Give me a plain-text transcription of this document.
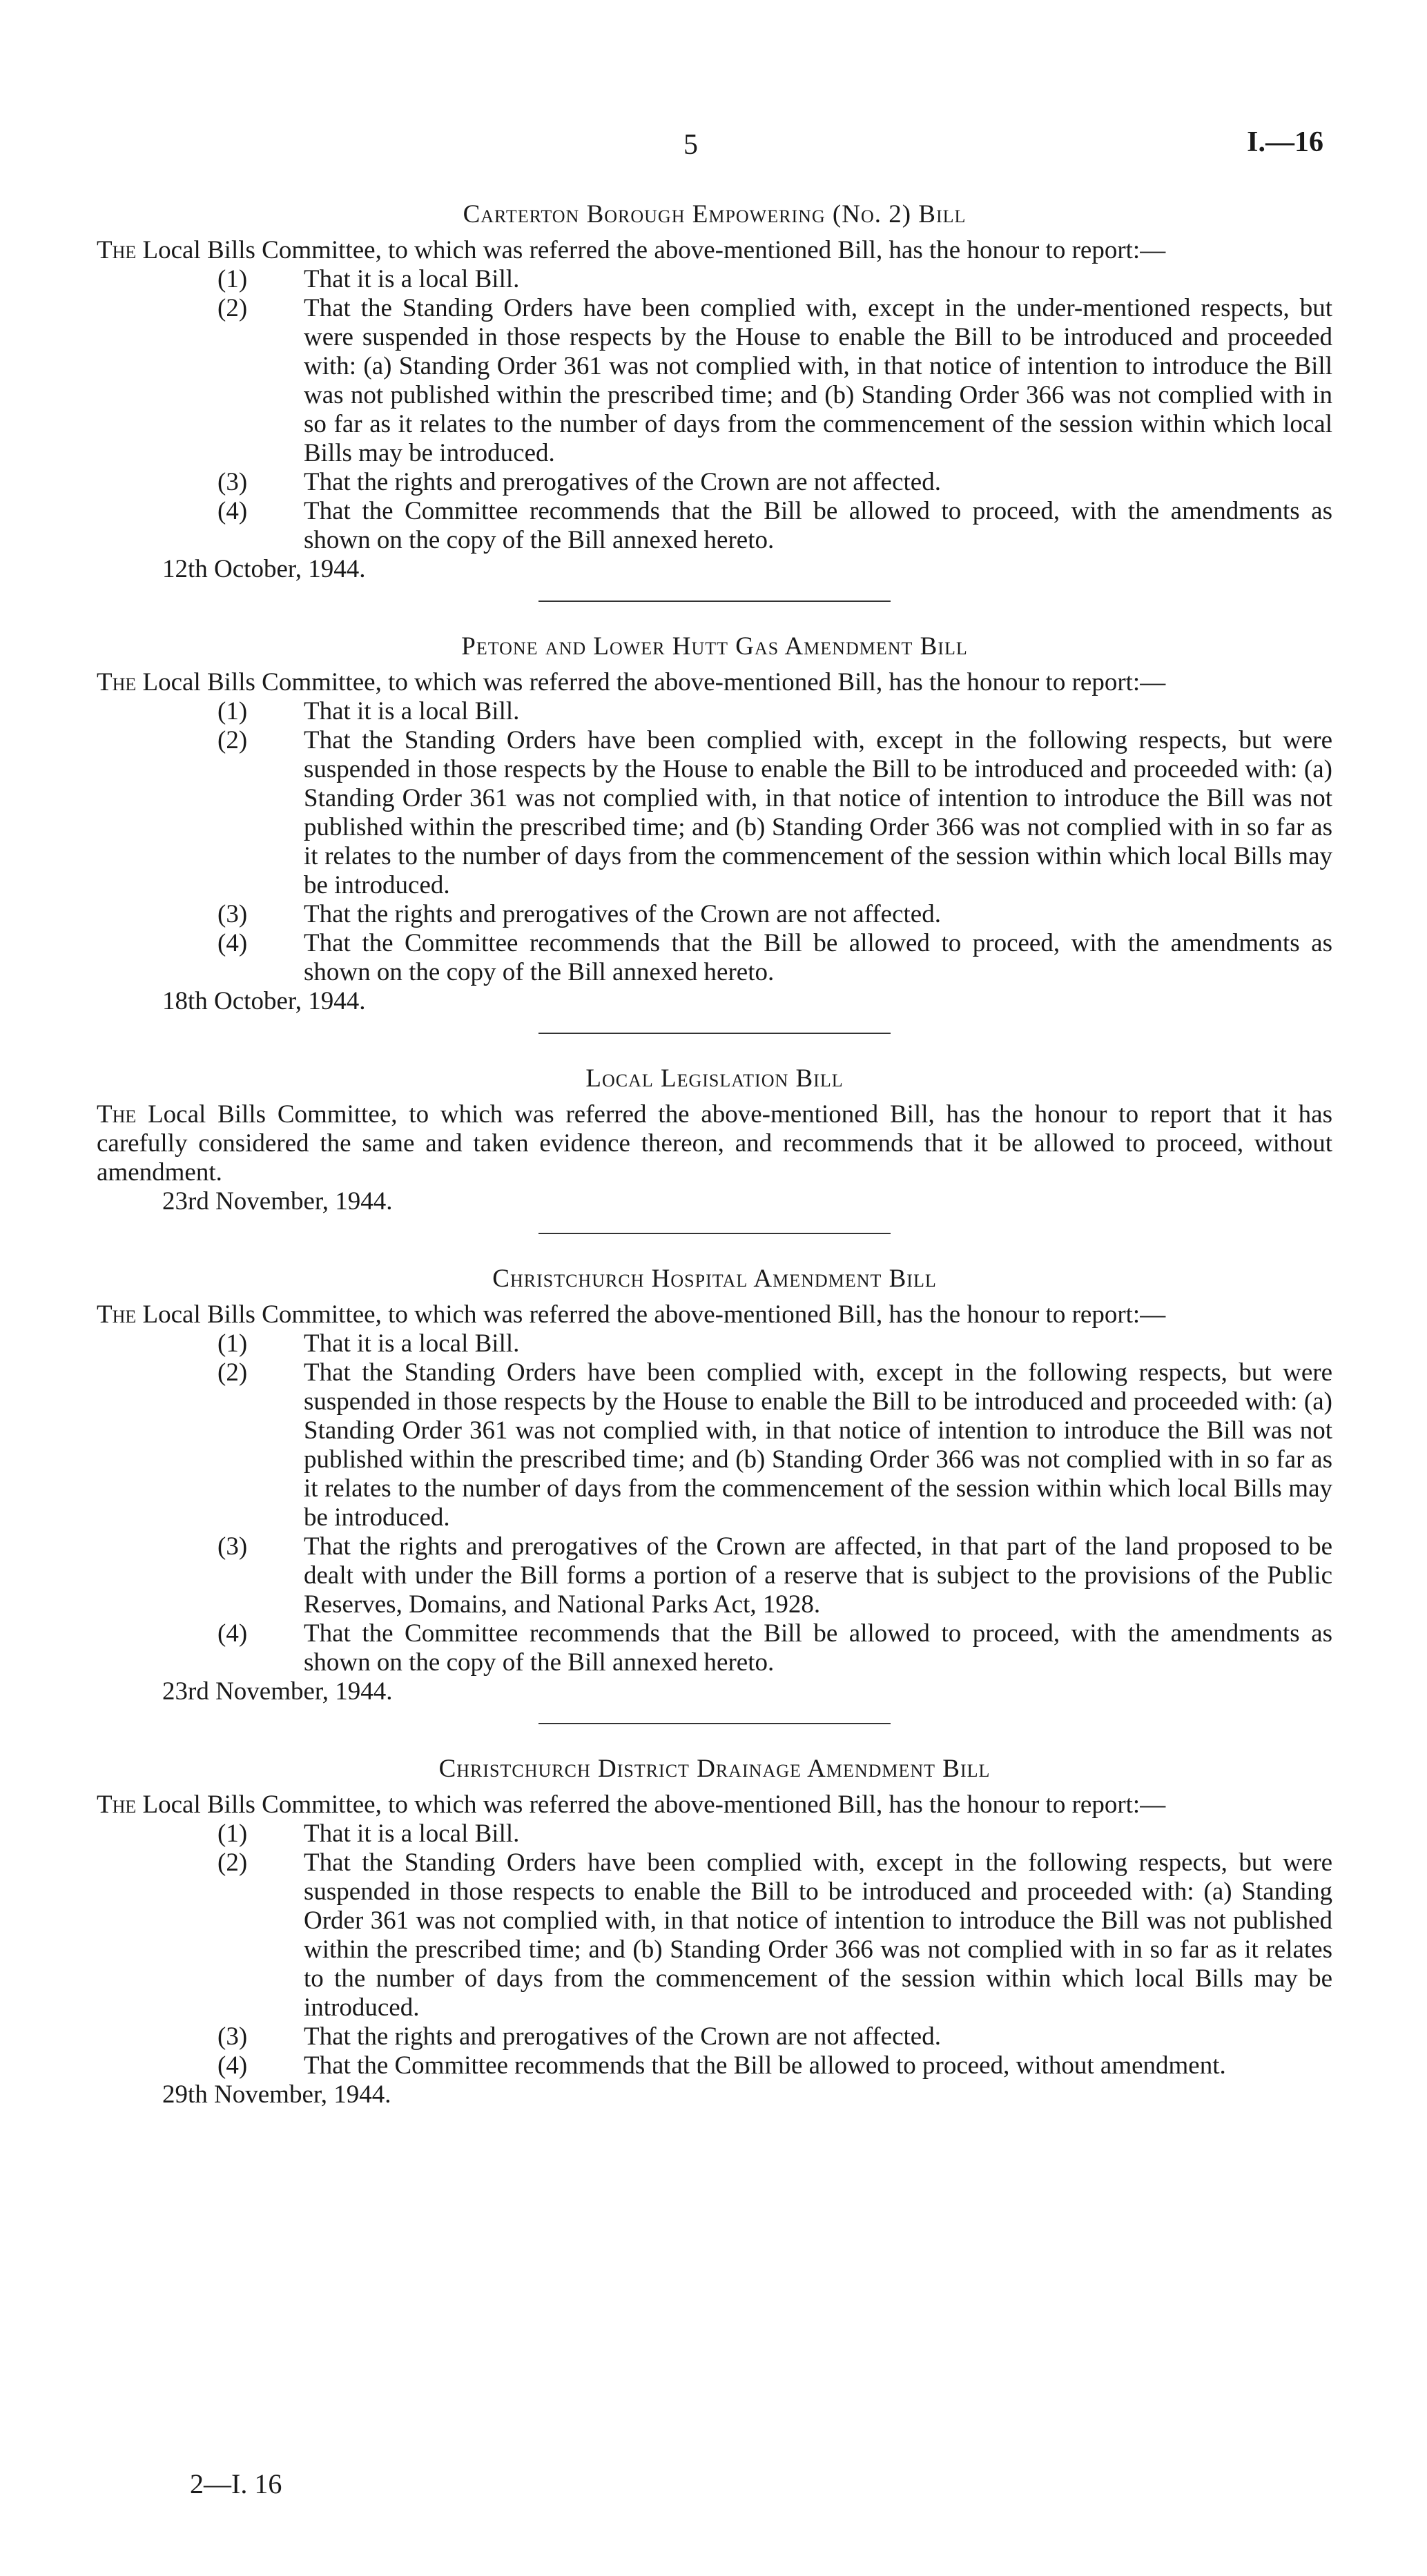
5	I.—16

Carterton Borough Empowering (No. 2) Bill

The Local Bills Committee, to which was referred the above-mentioned Bill, has the honour to report:—

(1)	That it is a local Bill.
(2)	That the Standing Orders have been complied with, except in the under-mentioned respects, but were suspended in those respects by the House to enable the Bill to be introduced and proceeded with: (a) Standing Order 361 was not complied with, in that notice of intention to introduce the Bill was not published within the prescribed time; and (b) Standing Order 366 was not complied with in so far as it relates to the number of days from the commencement of the session within which local Bills may be introduced.
(3)	That the rights and prerogatives of the Crown are not affected.
(4)	That the Committee recommends that the Bill be allowed to proceed, with the amendments as shown on the copy of the Bill annexed hereto.

12th October, 1944.

Petone and Lower Hutt Gas Amendment Bill

The Local Bills Committee, to which was referred the above-mentioned Bill, has the honour to report:—

(1)	That it is a local Bill.
(2)	That the Standing Orders have been complied with, except in the following respects, but were suspended in those respects by the House to enable the Bill to be introduced and proceeded with: (a) Standing Order 361 was not complied with, in that notice of intention to introduce the Bill was not published within the prescribed time; and (b) Standing Order 366 was not complied with in so far as it relates to the number of days from the commencement of the session within which local Bills may be introduced.
(3)	That the rights and prerogatives of the Crown are not affected.
(4)	That the Committee recommends that the Bill be allowed to proceed, with the amendments as shown on the copy of the Bill annexed hereto.

18th October, 1944.

Local Legislation Bill

The Local Bills Committee, to which was referred the above-mentioned Bill, has the honour to report that it has carefully considered the same and taken evidence thereon, and recommends that it be allowed to proceed, without amendment.

23rd November, 1944.

Christchurch Hospital Amendment Bill

The Local Bills Committee, to which was referred the above-mentioned Bill, has the honour to report:—

(1)	That it is a local Bill.
(2)	That the Standing Orders have been complied with, except in the following respects, but were suspended in those respects by the House to enable the Bill to be introduced and proceeded with: (a) Standing Order 361 was not complied with, in that notice of intention to introduce the Bill was not published within the prescribed time; and (b) Standing Order 366 was not complied with in so far as it relates to the number of days from the commencement of the session within which local Bills may be introduced.
(3)	That the rights and prerogatives of the Crown are affected, in that part of the land proposed to be dealt with under the Bill forms a portion of a reserve that is subject to the provisions of the Public Reserves, Domains, and National Parks Act, 1928.
(4)	That the Committee recommends that the Bill be allowed to proceed, with the amendments as shown on the copy of the Bill annexed hereto.

23rd November, 1944.

Christchurch District Drainage Amendment Bill

The Local Bills Committee, to which was referred the above-mentioned Bill, has the honour to report:—

(1)	That it is a local Bill.
(2)	That the Standing Orders have been complied with, except in the following respects, but were suspended in those respects to enable the Bill to be introduced and proceeded with: (a) Standing Order 361 was not complied with, in that notice of intention to introduce the Bill was not published within the prescribed time; and (b) Standing Order 366 was not complied with in so far as it relates to the number of days from the commencement of the session within which local Bills may be introduced.
(3)	That the rights and prerogatives of the Crown are not affected.
(4)	That the Committee recommends that the Bill be allowed to proceed, without amendment.

29th November, 1944.

2—I. 16
